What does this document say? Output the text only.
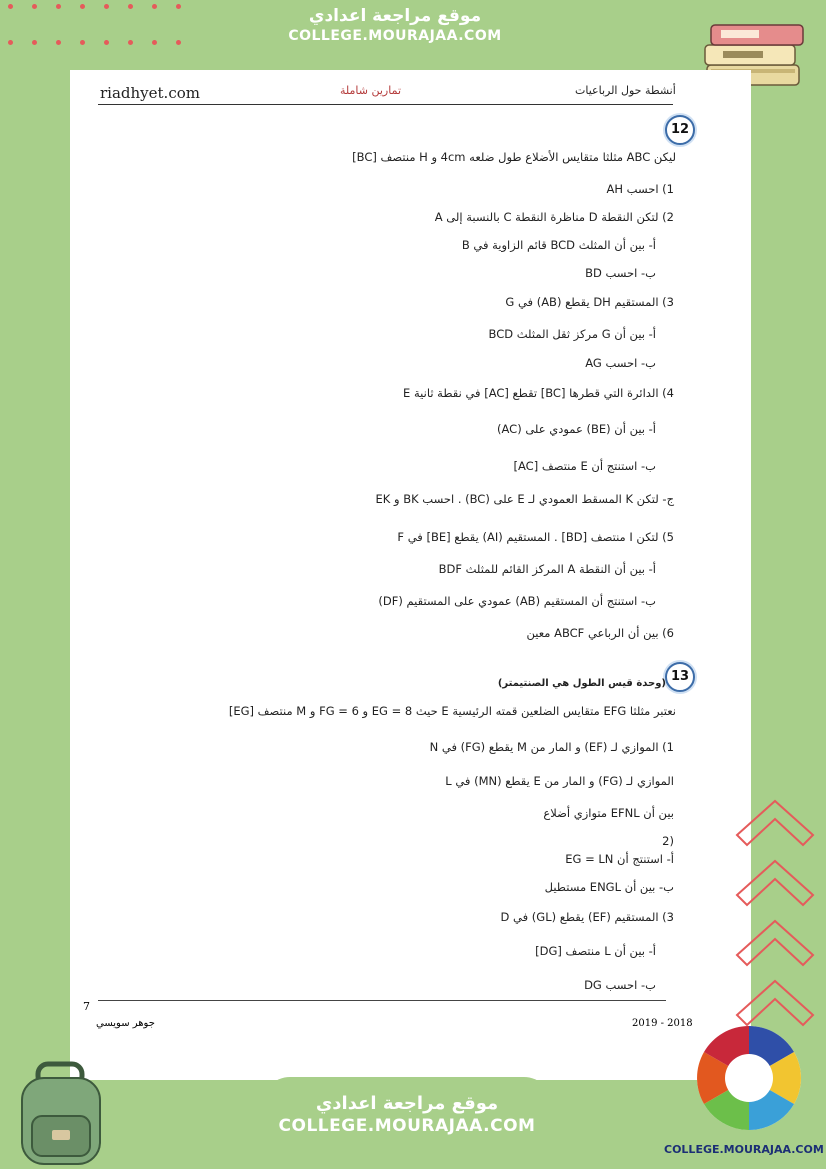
موقع مراجعة اعدادي
COLLEGE.MOURAJAA.COM
riadhyet.com	تمارين شاملة	أنشطة حول الرباعيات
12
ليكن ABC مثلثا متقايس الأضلاع طول ضلعه 4cm و H منتصف [BC]
1) احسب AH
2) لتكن النقطة D مناظرة النقطة C بالنسبة إلى A
أ- بين أن المثلث BCD قائم الزاوية في B
ب- احسب BD
3) المستقيم DH يقطع (AB) في G
أ- بين أن G مركز ثقل المثلث BCD
ب- احسب AG
4) الدائرة التي قطرها [BC] تقطع [AC] في نقطة ثانية E
أ- بين أن (BE) عمودي على (AC)
ب- استنتج أن E منتصف [AC]
ج- لتكن K المسقط العمودي لـ E على (BC) . احسب BK و EK
5) لتكن I منتصف [BD] . المستقيم (AI) يقطع [BE] في F
أ- بين أن النقطة A المركز القائم للمثلث BDF
ب- استنتج أن المستقيم (AB) عمودي على المستقيم (DF)
6) بين أن الرباعي ABCF معين
13
(وحدة قيس الطول هي الصنتيمتر)
نعتبر مثلثا EFG متقايس الضلعين قمته الرئيسية E حيث EG = 8 و FG = 6 و M منتصف [EG]
1) الموازي لـ (EF) و المار من M يقطع (FG) في N
الموازي لـ (FG) و المار من E يقطع (MN) في L
بين أن EFNL متوازي أضلاع
(2
أ- استنتج أن EG = LN
ب- بين أن ENGL مستطيل
3) المستقيم (EF) يقطع (GL) في D
أ- بين أن L منتصف [DG]
ب- احسب DG
7
جوهر سويسي	2019 - 2018
موقع مراجعة اعدادي
COLLEGE.MOURAJAA.COM
COLLEGE.MOURAJAA.COM
